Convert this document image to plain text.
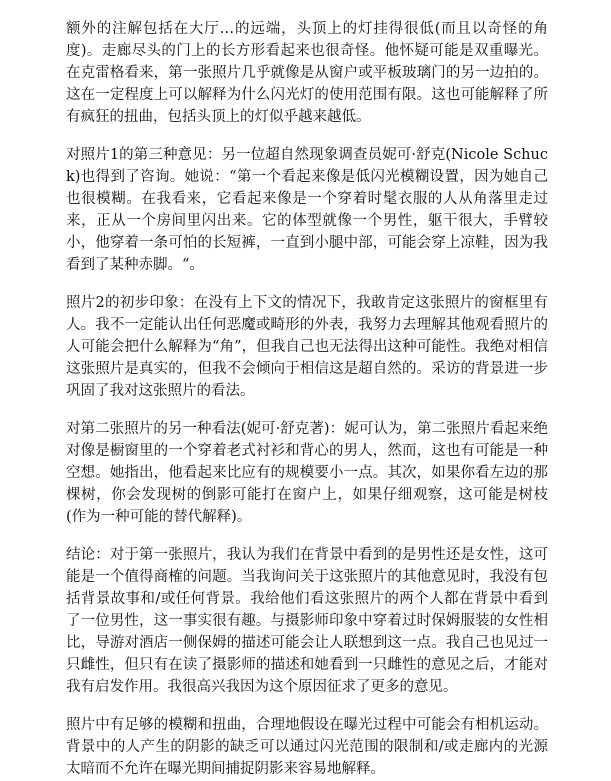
额外的注解包括在大厅…的远端，头顶上的灯挂得很低(而且以奇怪的角度)。走廊尽头的门上的长方形看起来也很奇怪。他怀疑可能是双重曝光。在克雷格看来，第一张照片几乎就像是从窗户或平板玻璃门的另一边拍的。这在一定程度上可以解释为什么闪光灯的使用范围有限。这也可能解释了所有疯狂的扭曲，包括头顶上的灯似乎越来越低。

对照片1的第三种意见：另一位超自然现象调查员妮可·舒克(Nicole Schuck)也得到了咨询。她说：“第一个看起来像是低闪光模糊设置，因为她自己也很模糊。在我看来，它看起来像是一个穿着时髦衣服的人从角落里走过来，正从一个房间里闪出来。它的体型就像一个男性，躯干很大，手臂较小，他穿着一条可怕的长短裤，一直到小腿中部，可能会穿上凉鞋，因为我看到了某种赤脚。“。

照片2的初步印象：在没有上下文的情况下，我敢肯定这张照片的窗框里有人。我不一定能认出任何恶魔或畸形的外表，我努力去理解其他观看照片的人可能会把什么解释为“角”，但我自己也无法得出这种可能性。我绝对相信这张照片是真实的，但我不会倾向于相信这是超自然的。采访的背景进一步巩固了我对这张照片的看法。

对第二张照片的另一种看法(妮可·舒克著)：妮可认为，第二张照片看起来绝对像是橱窗里的一个穿着老式衬衫和背心的男人，然而，这也有可能是一种空想。她指出，他看起来比应有的规模要小一点。其次，如果你看左边的那棵树，你会发现树的倒影可能打在窗户上，如果仔细观察，这可能是树枝(作为一种可能的替代解释)。

结论：对于第一张照片，我认为我们在背景中看到的是男性还是女性，这可能是一个值得商榷的问题。当我询问关于这张照片的其他意见时，我没有包括背景故事和/或任何背景。我给他们看这张照片的两个人都在背景中看到了一位男性，这一事实很有趣。与摄影师印象中穿着过时保姆服装的女性相比，导游对酒店一侧保姆的描述可能会让人联想到这一点。我自己也见过一只雌性，但只有在读了摄影师的描述和她看到一只雌性的意见之后，才能对我有启发作用。我很高兴我因为这个原因征求了更多的意见。

照片中有足够的模糊和扭曲，合理地假设在曝光过程中可能会有相机运动。背景中的人产生的阴影的缺乏可以通过闪光范围的限制和/或走廊内的光源太暗而不允许在曝光期间捕捉阴影来容易地解释。
